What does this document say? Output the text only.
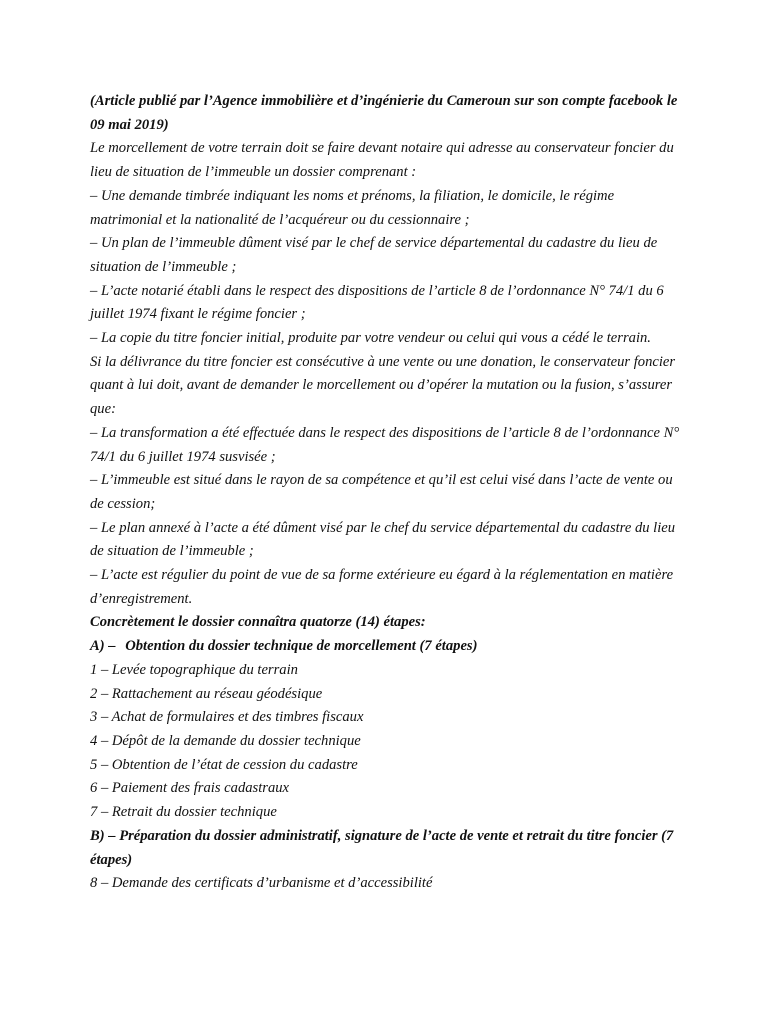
(Article publié par l’Agence immobilière et d’ingénierie du Cameroun sur son compte facebook le 09 mai 2019)

Le morcellement de votre terrain doit se faire devant notaire qui adresse au conservateur foncier du lieu de situation de l’immeuble un dossier comprenant :

– Une demande timbrée indiquant les noms et prénoms, la filiation, le domicile, le régime matrimonial et la nationalité de l’acquéreur ou du cessionnaire ;

– Un plan de l’immeuble dûment visé par le chef de service départemental du cadastre du lieu de situation de l’immeuble ;

– L’acte notarié établi dans le respect des dispositions de l’article 8 de l’ordonnance N° 74/1 du 6 juillet 1974 fixant le régime foncier ;

– La copie du titre foncier initial, produite par votre vendeur ou celui qui vous a cédé le terrain.

Si la délivrance du titre foncier est consécutive à une vente ou une donation, le conservateur foncier quant à lui doit, avant de demander le morcellement ou d’opérer la mutation ou la fusion, s’assurer que:

– La transformation a été effectuée dans le respect des dispositions de l’article 8 de l’ordonnance N° 74/1 du 6 juillet 1974 susvisée ;

– L’immeuble est situé dans le rayon de sa compétence et qu’il est celui visé dans l’acte de vente ou de cession;

– Le plan annexé à l’acte a été dûment visé par le chef du service départemental du cadastre du lieu de situation de l’immeuble ;

– L’acte est régulier du point de vue de sa forme extérieure eu égard à la réglementation en matière d’enregistrement.

Concrètement le dossier connaîtra quatorze (14) étapes:

A) – Obtention du dossier technique de morcellement (7 étapes)

1 – Levée topographique du terrain

2 – Rattachement au réseau géodésique

3 – Achat de formulaires et des timbres fiscaux

4 – Dépôt de la demande du dossier technique

5 – Obtention de l’état de cession du cadastre

6 – Paiement des frais cadastraux

7 – Retrait du dossier technique

B) – Préparation du dossier administratif, signature de l’acte de vente et retrait du titre foncier (7 étapes)

8 – Demande des certificats d’urbanisme et d’accessibilité
